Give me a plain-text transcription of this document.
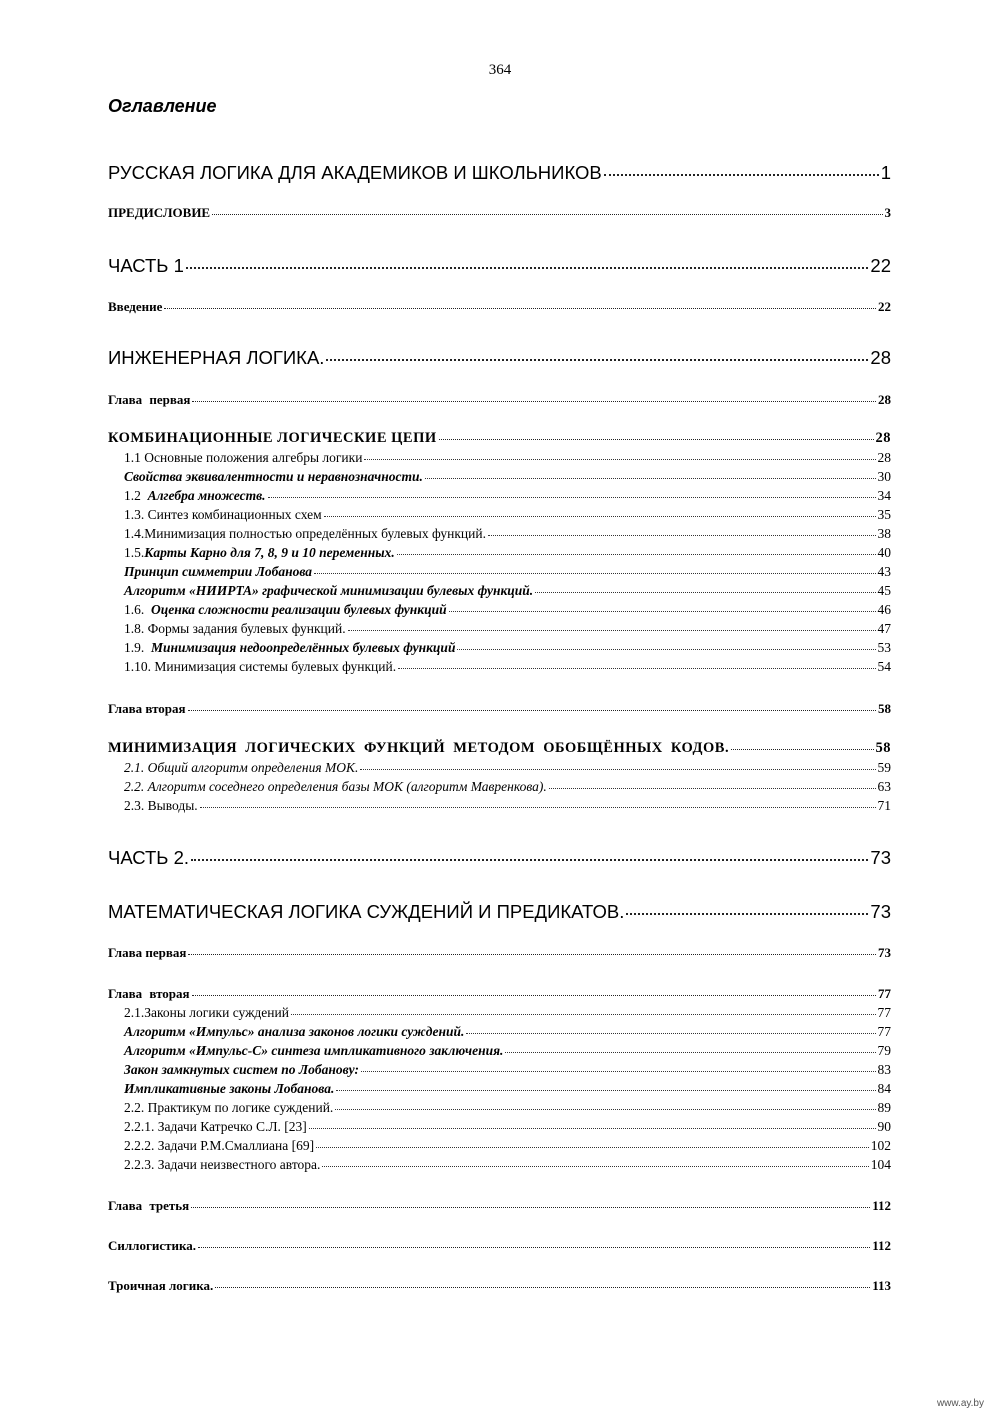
364
Оглавление
РУССКАЯ ЛОГИКА ДЛЯ АКАДЕМИКОВ И ШКОЛЬНИКОВ	1
ПРЕДИСЛОВИЕ	3
ЧАСТЬ 1	22
Введение	22
ИНЖЕНЕРНАЯ ЛОГИКА.	28
Глава первая	28
КОМБИНАЦИОННЫЕ ЛОГИЧЕСКИЕ ЦЕПИ	28
1.1 Основные положения алгебры логики	28
Свойства эквивалентности и неравнозначности.	30
1.2 Алгебра множеств.	34
1.3. Синтез комбинационных схем	35
1.4.Минимизация полностью определённых булевых функций.	38
1.5. Карты Карно для 7, 8, 9 и 10 переменных.	40
Принцип симметрии Лобанова	43
Алгоритм «НИИРТА» графической минимизации булевых функций.	45
1.6. Оценка сложности реализации булевых функций	46
1.8. Формы задания булевых функций.	47
1.9. Минимизация недоопределённых булевых функций	53
1.10. Минимизация системы булевых функций.	54
Глава вторая	58
МИНИМИЗАЦИЯ ЛОГИЧЕСКИХ ФУНКЦИЙ МЕТОДОМ ОБОБЩЁННЫХ КОДОВ.	58
2.1. Общий алгоритм определения МОК.	59
2.2. Алгоритм соседнего определения базы МОК (алгоритм Мавренкова).	63
2.3. Выводы.	71
ЧАСТЬ 2.	73
МАТЕМАТИЧЕСКАЯ ЛОГИКА СУЖДЕНИЙ И ПРЕДИКАТОВ.	73
Глава первая	73
Глава вторая	77
2.1.Законы логики суждений	77
Алгоритм «Импульс» анализа законов логики суждений.	77
Алгоритм «Импульс-С» синтеза импликативного заключения.	79
Закон замкнутых систем по Лобанову:	83
Импликативные законы Лобанова.	84
2.2. Практикум по логике суждений.	89
2.2.1. Задачи Катречко С.Л. [23]	90
2.2.2. Задачи Р.М.Смаллиана [69]	102
2.2.3. Задачи неизвестного автора.	104
Глава третья	112
Силлогистика.	112
Троичная логика.	113
www.ay.by
